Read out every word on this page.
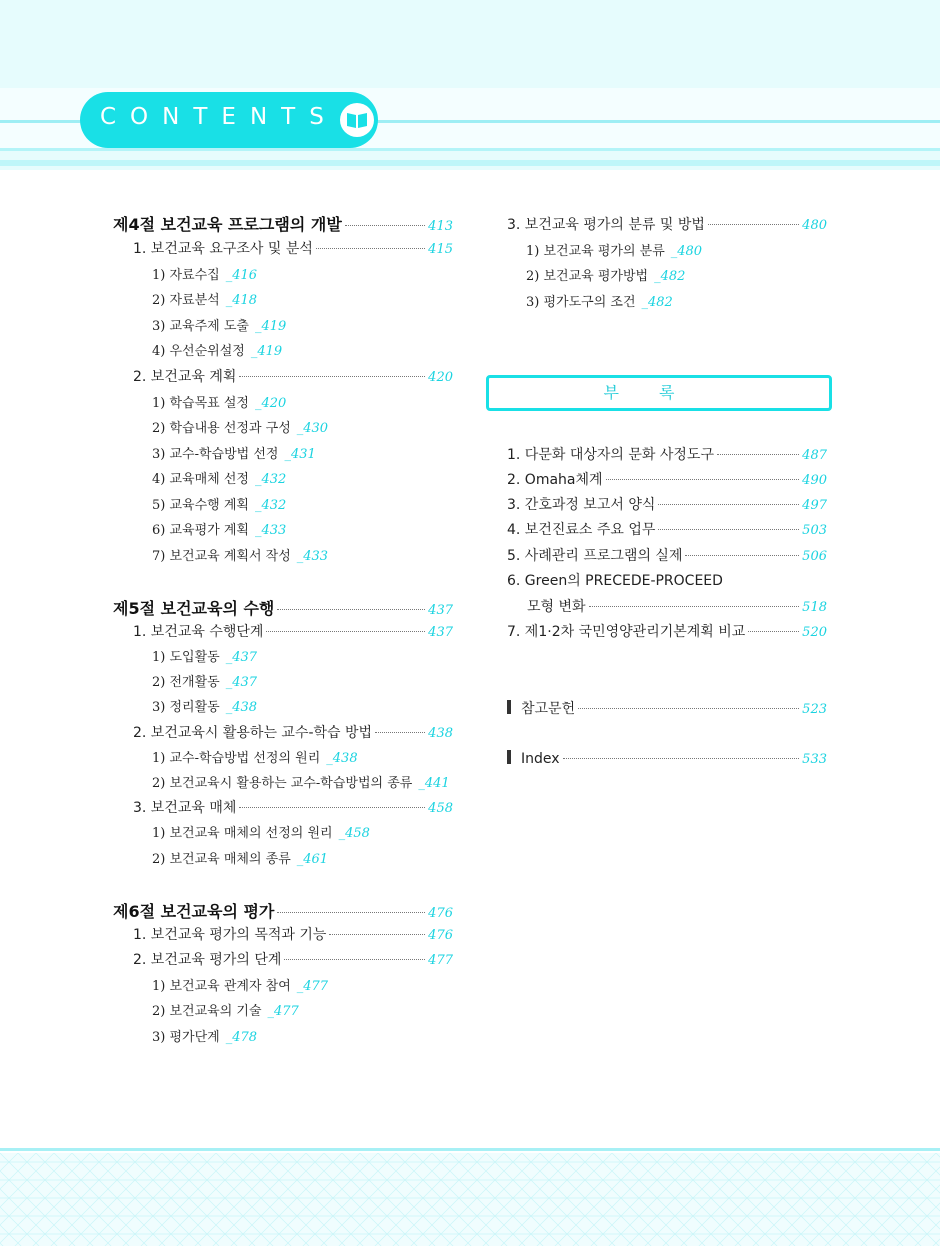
CONTENTS
제4절 보건교육 프로그램의 개발	413
1. 보건교육 요구조사 및 분석	415
1) 자료수집 _416
2) 자료분석 _418
3) 교육주제 도출 _419
4) 우선순위설정 _419
2. 보건교육 계획	420
1) 학습목표 설정 _420
2) 학습내용 선정과 구성 _430
3) 교수-학습방법 선정 _431
4) 교육매체 선정 _432
5) 교육수행 계획 _432
6) 교육평가 계획 _433
7) 보건교육 계획서 작성 _433
제5절 보건교육의 수행	437
1. 보건교육 수행단계	437
1) 도입활동 _437
2) 전개활동 _437
3) 정리활동 _438
2. 보건교육시 활용하는 교수-학습 방법	438
1) 교수-학습방법 선정의 원리 _438
2) 보건교육시 활용하는 교수-학습방법의 종류 _441
3. 보건교육 매체	458
1) 보건교육 매체의 선정의 원리 _458
2) 보건교육 매체의 종류 _461
제6절 보건교육의 평가	476
1. 보건교육 평가의 목적과 기능	476
2. 보건교육 평가의 단계	477
1) 보건교육 관계자 참여 _477
2) 보건교육의 기술 _477
3) 평가단계 _478
3. 보건교육 평가의 분류 및 방법	480
1) 보건교육 평가의 분류 _480
2) 보건교육 평가방법 _482
3) 평가도구의 조건 _482
부록
1. 다문화 대상자의 문화 사정도구	487
2. Omaha체계	490
3. 간호과정 보고서 양식	497
4. 보건진료소 주요 업무	503
5. 사례관리 프로그램의 실제	506
6. Green의 PRECEDE-PROCEED
모형 변화	518
7. 제1·2차 국민영양관리기본계획 비교	520
참고문헌	523
Index	533
